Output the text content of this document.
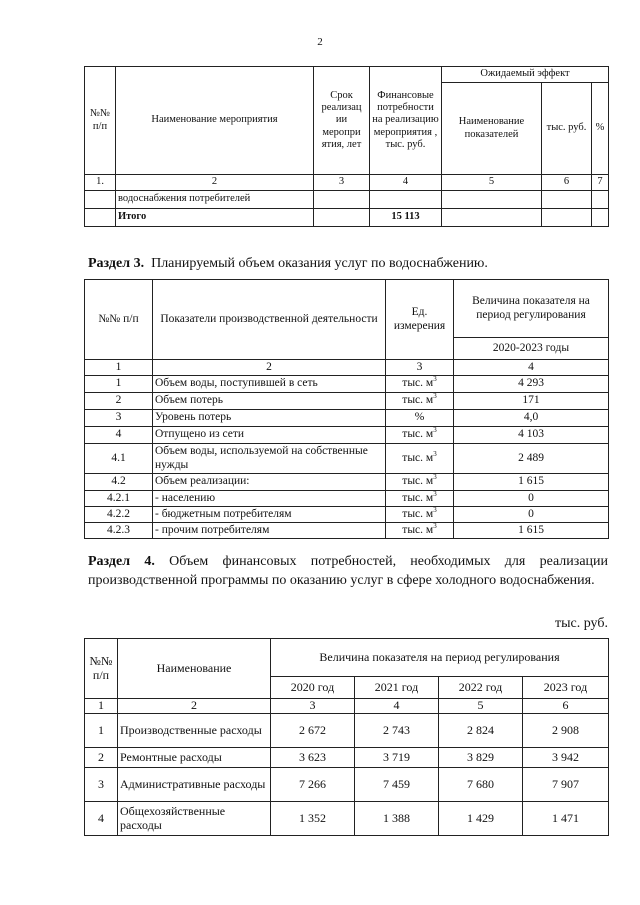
2
№№ п/п	Наименование мероприятия	Срок реализац ии меропри ятия, лет	Финансовые потребности на реализацию мероприятия , тыс. руб.	Ожидаемый эффект		
				Наименование показателей	тыс. руб.	%
1.	2	3	4	5	6	7
	водоснабжения потребителей					
	Итого		15 113			
Раздел 3. Планируемый объем оказания услуг по водоснабжению.
№№ п/п	Показатели производственной деятельности	Ед. измерения	Величина показателя на период регулирования
			2020-2023 годы
1	2	3	4
1	Объем воды, поступившей в сеть	тыс. $м^3$	4 293
2	Объем потерь	тыс. $м^3$	171
3	Уровень потерь	%	4,0
4	Отпущено из сети	тыс. $м^3$	4 103
4.1	Объем воды, используемой на собственные нужды	тыс. $м^3$	2 489
4.2	Объем реализации:	тыс. $м^3$	1 615
4.2.1	- населению	тыс. $м^3$	0
4.2.2	- бюджетным потребителям	тыс. $м^3$	0
4.2.3	- прочим потребителям	тыс. $м^3$	1 615
Раздел 4. Объем финансовых потребностей, необходимых для реализации производственной программы по оказанию услуг в сфере холодного водоснабжения.
тыс. руб.
№№ п/п	Наименование	Величина показателя на период регулирования			
		2020 год	2021 год	2022 год	2023 год
1	2	3	4	5	6
1	Производственные расходы	2 672	2 743	2 824	2 908
2	Ремонтные расходы	3 623	3 719	3 829	3 942
3	Административные расходы	7 266	7 459	7 680	7 907
4	Общехозяйственные расходы	1 352	1 388	1 429	1 471
